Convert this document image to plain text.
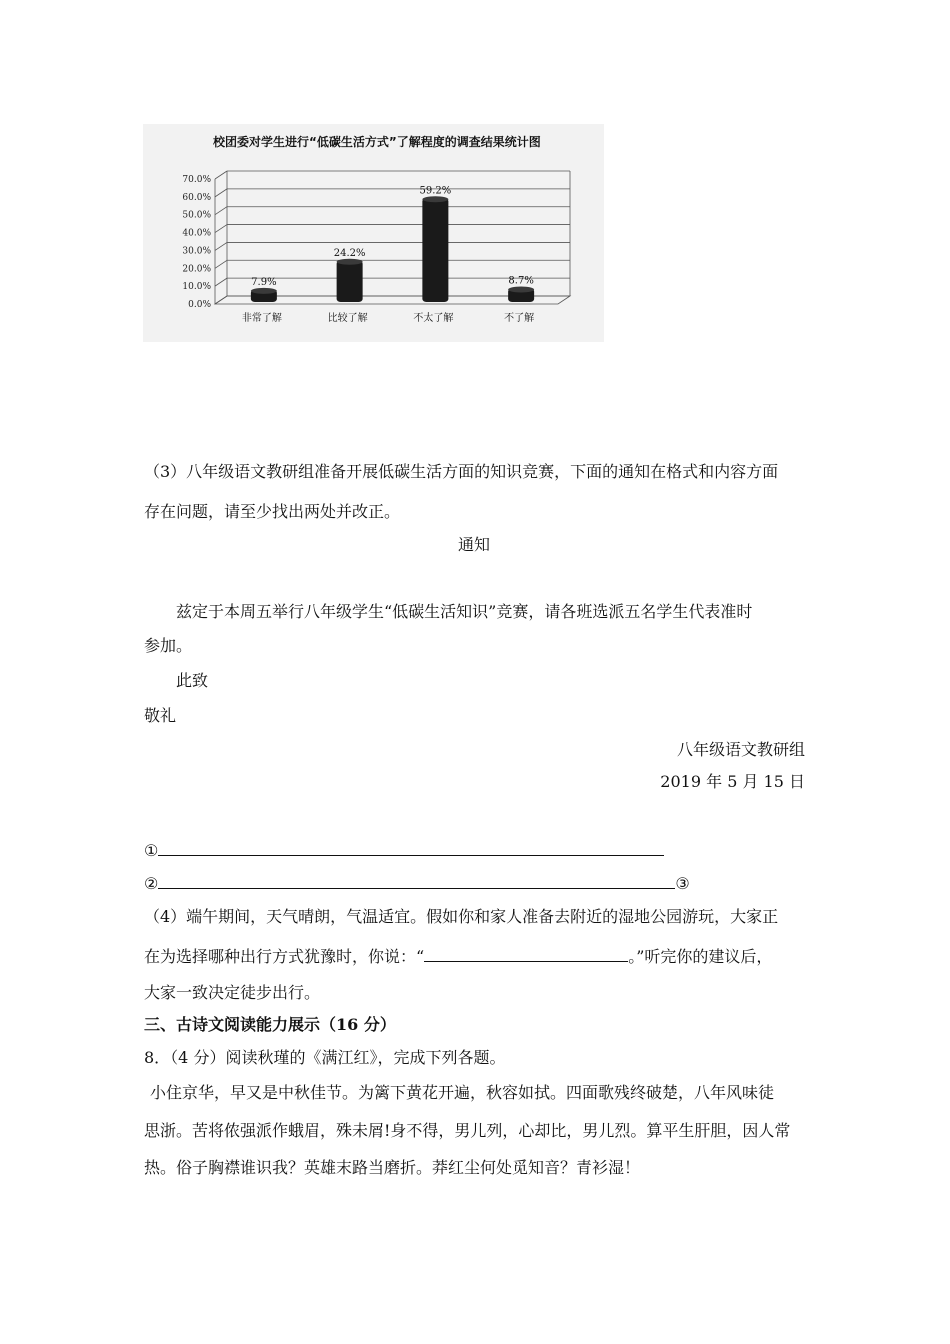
校团委对学生进行“低碳生活方式”了解程度的调查结果统计图
0.0%
10.0%
20.0%
30.0%
40.0%
50.0%
60.0%
70.0%
7.9%
24.2%
59.2%
8.7%
非常了解	比较了解	不太了解	不了解
（3）八年级语文教研组准备开展低碳生活方面的知识竞赛，下面的通知在格式和内容方面
存在问题，请至少找出两处并改正。
通知
兹定于本周五举行八年级学生“低碳生活知识”竞赛，请各班选派五名学生代表准时
参加。
此致
敬礼
八年级语文教研组
2019 年 5 月 15 日
①
②	③
（4）端午期间，天气晴朗，气温适宜。假如你和家人准备去附近的湿地公园游玩，大家正
在为选择哪种出行方式犹豫时，你说：“	。”听完你的建议后，
大家一致决定徒步出行。
三、古诗文阅读能力展示（16 分）
8．（4 分）阅读秋瑾的《满江红》，完成下列各题。
小住京华，早又是中秋佳节。为篱下黄花开遍，秋容如拭。四面歌残终破楚，八年风味徒
思浙。苦将侬强派作蛾眉，殊未屑!身不得，男儿列，心却比，男儿烈。算平生肝胆，因人常
热。俗子胸襟谁识我？英雄末路当磨折。莽红尘何处觅知音？青衫湿！
